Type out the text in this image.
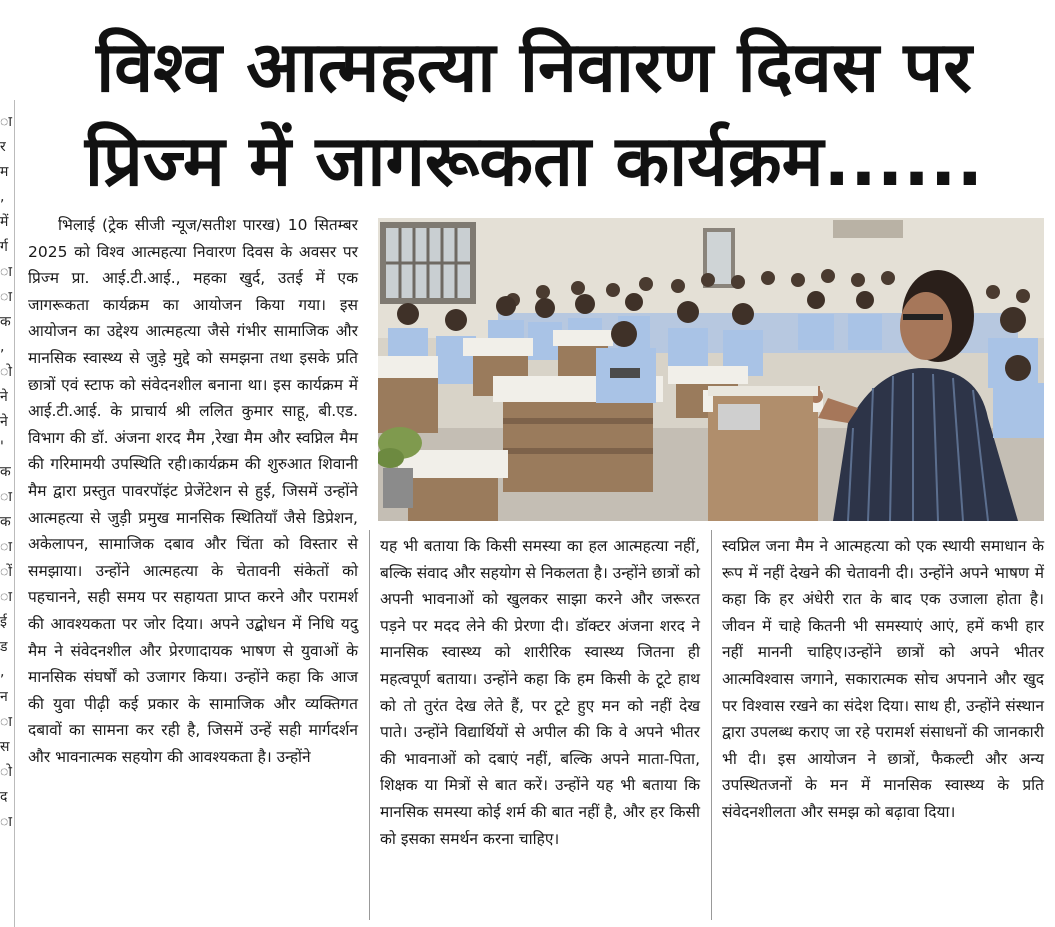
ा
र
म
,
में
र्ग
ा
ा
क
,
ो
ने
ने
'
क
ा
क
ा
ों
ा
ई
ड
,
न
ा
स
ो
द
ा
विश्व आत्महत्या निवारण दिवस पर
प्रिज्म में जागरूकता कार्यक्रम......

भिलाई (ट्रेक सीजी न्यूज/सतीश पारख) 10 सितम्बर 2025 को विश्व आत्महत्या निवारण दिवस के अवसर पर प्रिज्म प्रा. आई.टी.आई., महका खुर्द, उतई में एक जागरूकता कार्यक्रम का आयोजन किया गया। इस आयोजन का उद्देश्य आत्महत्या जैसे गंभीर सामाजिक और मानसिक स्वास्थ्य से जुड़े मुद्दे को समझना तथा इसके प्रति छात्रों एवं स्टाफ को संवेदनशील बनाना था। इस कार्यक्रम में आई.टी.आई. के प्राचार्य श्री ललित कुमार साहू, बी.एड. विभाग की डॉ. अंजना शरद मैम ,रेखा मैम और स्वप्निल मैम की गरिमामयी उपस्थिति रही।कार्यक्रम की शुरुआत शिवानी मैम द्वारा प्रस्तुत पावरपॉइंट प्रेजेंटेशन से हुई, जिसमें उन्होंने आत्महत्या से जुड़ी प्रमुख मानसिक स्थितियाँ जैसे डिप्रेशन, अकेलापन, सामाजिक दबाव और चिंता को विस्तार से समझाया। उन्होंने आत्महत्या के चेतावनी संकेतों को पहचानने, सही समय पर सहायता प्राप्त करने और परामर्श की आवश्यकता पर जोर दिया। अपने उद्बोधन में निधि यदु मैम ने संवेदनशील और प्रेरणादायक भाषण से युवाओं के मानसिक संघर्षों को उजागर किया। उन्होंने कहा कि आज की युवा पीढ़ी कई प्रकार के सामाजिक और व्यक्तिगत दबावों का सामना कर रही है, जिसमें उन्हें सही मार्गदर्शन और भावनात्मक सहयोग की आवश्यकता है। उन्होंने

यह भी बताया कि किसी समस्या का हल आत्महत्या नहीं, बल्कि संवाद और सहयोग से निकलता है। उन्होंने छात्रों को अपनी भावनाओं को खुलकर साझा करने और जरूरत पड़ने पर मदद लेने की प्रेरणा दी। डॉक्टर अंजना शरद ने मानसिक स्वास्थ्य को शारीरिक स्वास्थ्य जितना ही महत्वपूर्ण बताया। उन्होंने कहा कि हम किसी के टूटे हाथ को तो तुरंत देख लेते हैं, पर टूटे हुए मन को नहीं देख पाते। उन्होंने विद्यार्थियों से अपील की कि वे अपने भीतर की भावनाओं को दबाएं नहीं, बल्कि अपने माता-पिता, शिक्षक या मित्रों से बात करें। उन्होंने यह भी बताया कि मानसिक समस्या कोई शर्म की बात नहीं है, और हर किसी को इसका समर्थन करना चाहिए।

स्वप्निल जना मैम ने आत्महत्या को एक स्थायी समाधान के रूप में नहीं देखने की चेतावनी दी। उन्होंने अपने भाषण में कहा कि हर अंधेरी रात के बाद एक उजाला होता है। जीवन में चाहे कितनी भी समस्याएं आएं, हमें कभी हार नहीं माननी चाहिए।उन्होंने छात्रों को अपने भीतर आत्मविश्वास जगाने, सकारात्मक सोच अपनाने और खुद पर विश्वास रखने का संदेश दिया। साथ ही, उन्होंने संस्थान द्वारा उपलब्ध कराए जा रहे परामर्श संसाधनों की जानकारी भी दी। इस आयोजन ने छात्रों, फैकल्टी और अन्य उपस्थितजनों के मन में मानसिक स्वास्थ्य के प्रति संवेदनशीलता और समझ को बढ़ावा दिया।
